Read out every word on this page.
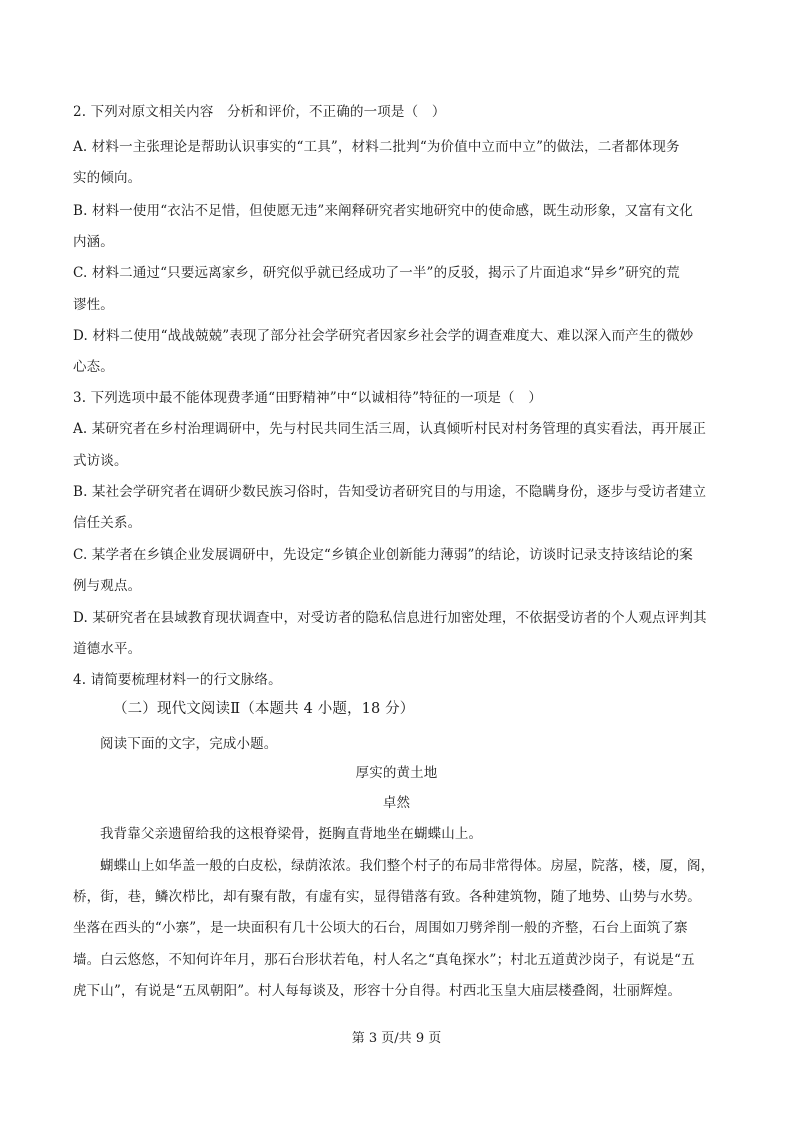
2. 下列对原文相关内容　分析和评价，不正确的一项是（　）
A. 材料一主张理论是帮助认识事实的“工具”，材料二批判“为价值中立而中立”的做法，二者都体现务
实的倾向。
B. 材料一使用“衣沾不足惜，但使愿无违”来阐释研究者实地研究中的使命感，既生动形象，又富有文化
内涵。
C. 材料二通过“只要远离家乡，研究似乎就已经成功了一半”的反驳，揭示了片面追求“异乡”研究的荒
谬性。
D. 材料二使用“战战兢兢”表现了部分社会学研究者因家乡社会学的调查难度大、难以深入而产生的微妙
心态。
3. 下列选项中最不能体现费孝通“田野精神”中“以诚相待”特征的一项是（　）
A. 某研究者在乡村治理调研中，先与村民共同生活三周，认真倾听村民对村务管理的真实看法，再开展正
式访谈。
B. 某社会学研究者在调研少数民族习俗时，告知受访者研究目的与用途，不隐瞒身份，逐步与受访者建立
信任关系。
C. 某学者在乡镇企业发展调研中，先设定“乡镇企业创新能力薄弱”的结论，访谈时记录支持该结论的案
例与观点。
D. 某研究者在县域教育现状调查中，对受访者的隐私信息进行加密处理，不依据受访者的个人观点评判其
道德水平。
4. 请简要梳理材料一的行文脉络。
（二）现代文阅读Ⅱ（本题共 4 小题，18 分）
阅读下面的文字，完成小题。
厚实的黄土地
卓然
我背靠父亲遗留给我的这根脊梁骨，挺胸直背地坐在蝴蝶山上。
蝴蝶山上如华盖一般的白皮松，绿荫浓浓。我们整个村子的布局非常得体。房屋，院落，楼，厦，阁，
桥，街，巷，鳞次栉比，却有聚有散，有虚有实，显得错落有致。各种建筑物，随了地势、山势与水势。
坐落在西头的“小寨”，是一块面积有几十公顷大的石台，周围如刀劈斧削一般的齐整，石台上面筑了寨
墙。白云悠悠，不知何许年月，那石台形状若龟，村人名之“真龟探水”；村北五道黄沙岗子，有说是“五
虎下山”，有说是“五凤朝阳”。村人每每谈及，形容十分自得。村西北玉皇大庙层楼叠阁，壮丽辉煌。
第 3 页/共 9 页
